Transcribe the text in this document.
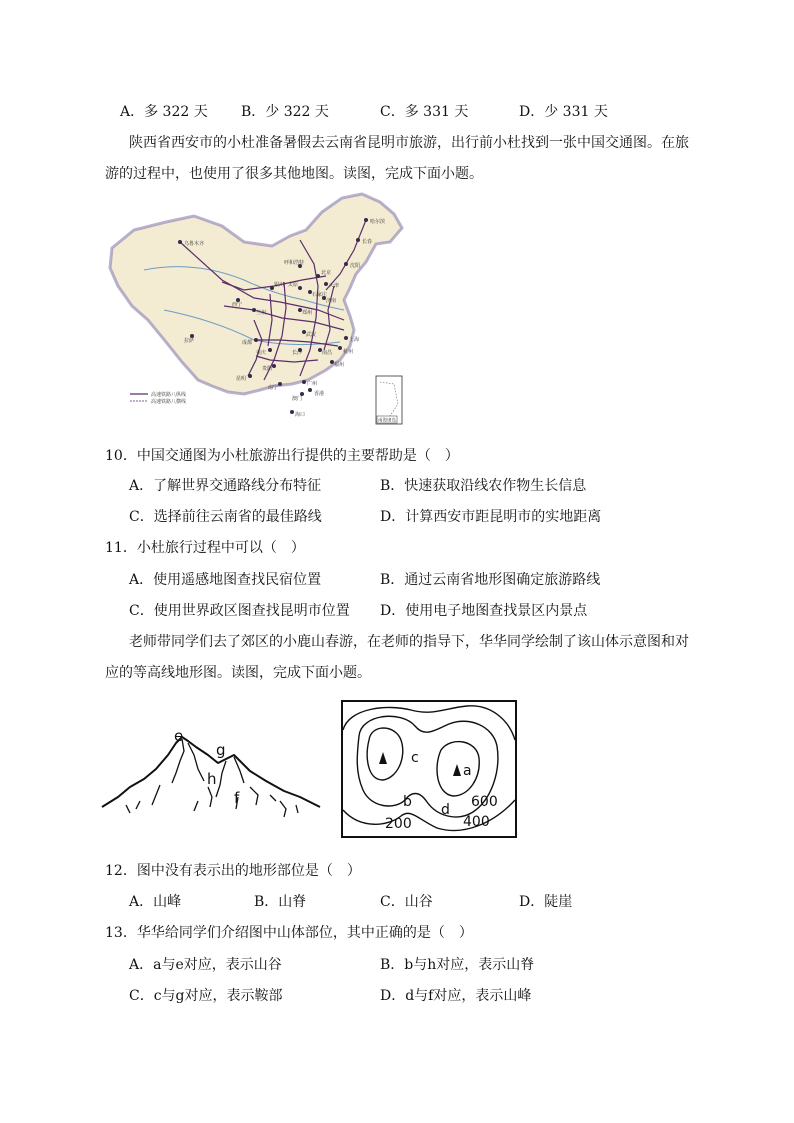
A．多 322 天 B．少 322 天	C．多 331 天	D．少 331 天
陕西省西安市的小杜准备暑假去云南省昆明市旅游，出行前小杜找到一张中国交通图。在旅
游的过程中，也使用了很多其他地图。读图，完成下面小题。
乌鲁木齐
哈尔滨
长春
沈阳
呼和浩特
北京
天津
银川 太原
石家庄
济南
西宁
兰州	郑州
拉萨	成都
武汉
上海
杭州
重庆	长沙	南昌
福州
贵阳
昆明
南宁
广州
香港
澳门
海口
高速铁路八纵线
高速铁路八横线
南海诸岛
10．中国交通图为小杜旅游出行提供的主要帮助是（　）
A．了解世界交通路线分布特征	B．快速获取沿线农作物生长信息
C．选择前往云南省的最佳路线	D．计算西安市距昆明市的实地距离
11．小杜旅行过程中可以（　）
A．使用遥感地图查找民宿位置	B．通过云南省地形图确定旅游路线
C．使用世界政区图查找昆明市位置 D．使用电子地图查找景区内景点
老师带同学们去了郊区的小鹿山春游，在老师的指导下，华华同学绘制了该山体示意图和对
应的等高线地形图。读图，完成下面小题。
e
g
h
f
c
a
b d 600
400
200
12．图中没有表示出的地形部位是（　）
A．山峰	B．山脊	C．山谷	D．陡崖
13．华华给同学们介绍图中山体部位，其中正确的是（　）
A．a与e对应，表示山谷	B．b与h对应，表示山脊
C．c与g对应，表示鞍部	D．d与f对应，表示山峰
